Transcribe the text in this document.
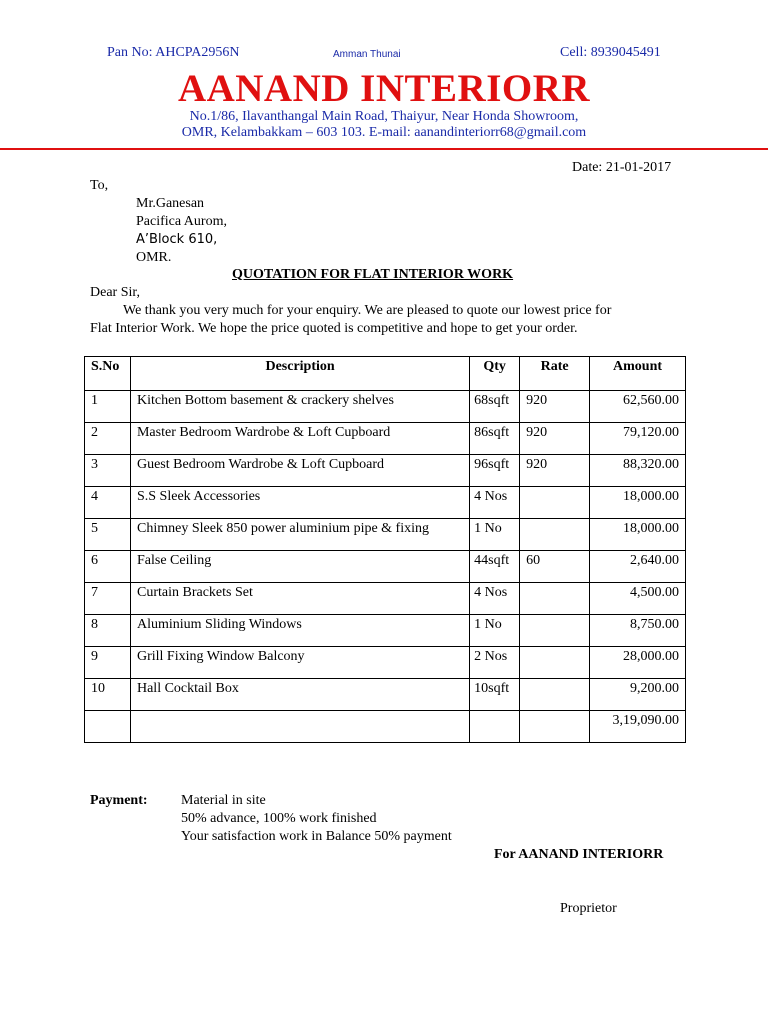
Pan No: AHCPA2956N	Amman Thunai	Cell: 8939045491
AANAND INTERIORR
No.1/86, Ilavanthangal Main Road, Thaiyur, Near Honda Showroom,
OMR, Kelambakkam – 603 103. E-mail: aanandinteriorr68@gmail.com
Date: 21-01-2017
To,
Mr.Ganesan
Pacifica Aurom,
A’Block 610,
OMR.
QUOTATION FOR FLAT INTERIOR WORK
Dear Sir,
We thank you very much for your enquiry. We are pleased to quote our lowest price for
Flat Interior Work. We hope the price quoted is competitive and hope to get your order.
S.No	Description	Qty	Rate	Amount
1	Kitchen Bottom basement & crackery shelves	68sqft	920	62,560.00
2	Master Bedroom Wardrobe & Loft Cupboard	86sqft	920	79,120.00
3	Guest Bedroom Wardrobe & Loft Cupboard	96sqft	920	88,320.00
4	S.S Sleek Accessories	4 Nos		18,000.00
5	Chimney Sleek 850 power aluminium pipe & fixing	1 No		18,000.00
6	False Ceiling	44sqft	60	2,640.00
7	Curtain Brackets Set	4 Nos		4,500.00
8	Aluminium Sliding Windows	1 No		8,750.00
9	Grill Fixing Window Balcony	2 Nos		28,000.00
10	Hall Cocktail Box	10sqft		9,200.00
				3,19,090.00
Payment: Material in site
50% advance, 100% work finished
Your satisfaction work in Balance 50% payment
For AANAND INTERIORR
Proprietor
